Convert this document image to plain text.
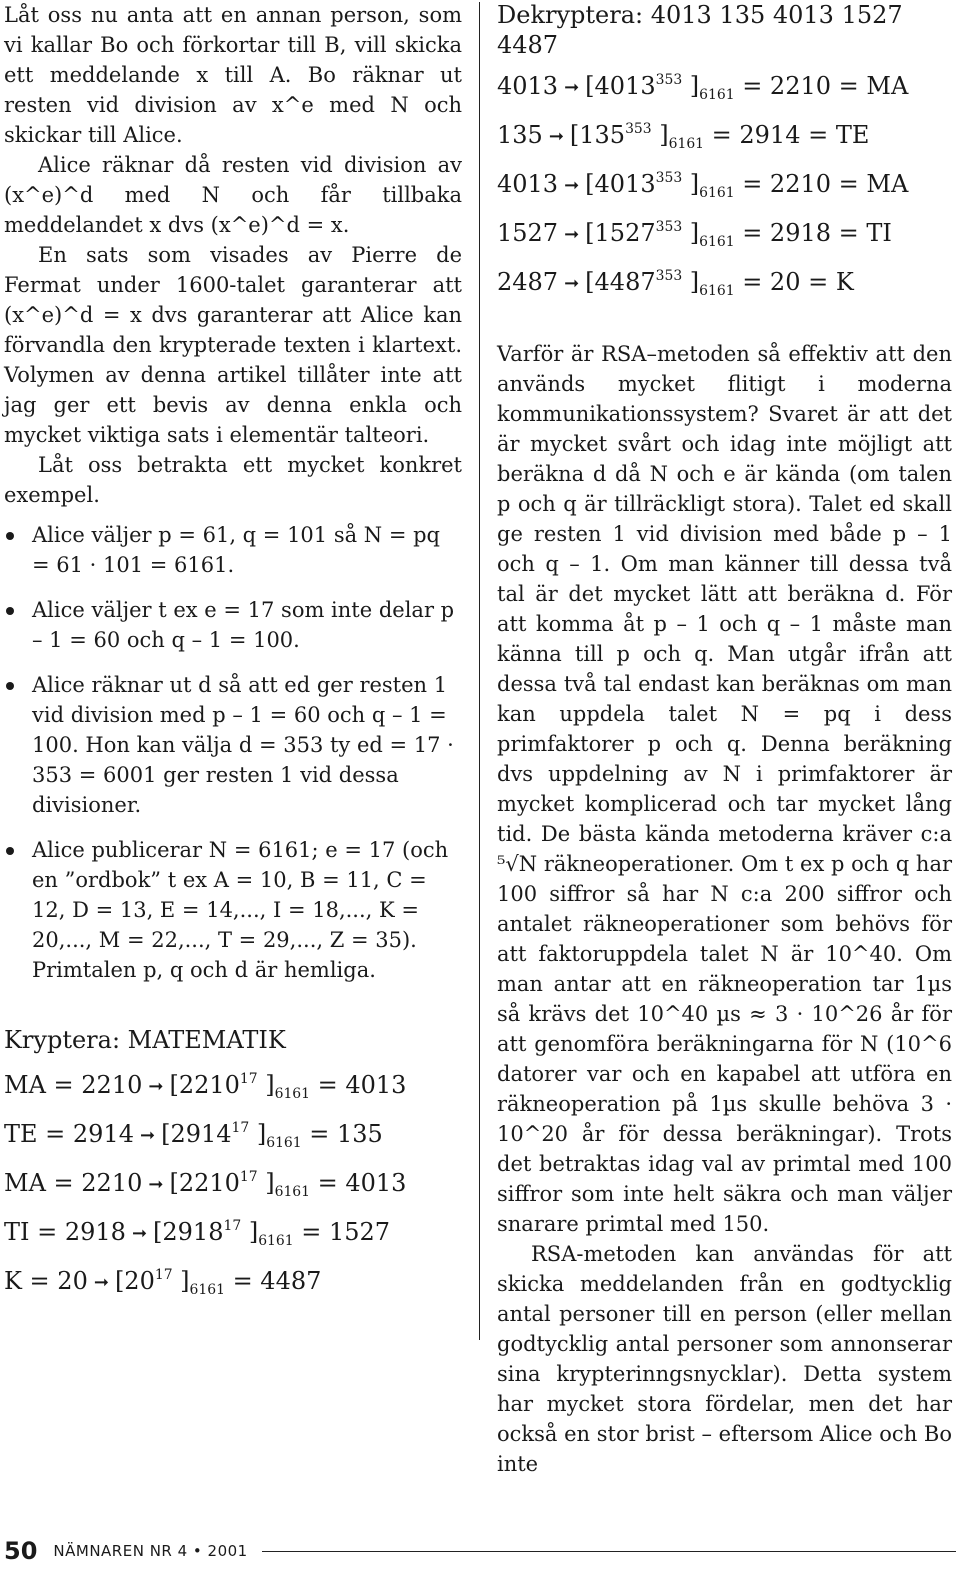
Låt oss nu anta att en annan person, som vi kallar Bo och förkortar till B, vill skicka ett meddelande x till A. Bo räknar ut resten vid division av x^e med N och skickar till Alice.

Alice räknar då resten vid division av (x^e)^d med N och får tillbaka meddelandet x dvs (x^e)^d = x.

En sats som visades av Pierre de Fermat under 1600-talet garanterar att (x^e)^d = x dvs garanterar att Alice kan förvandla den krypterade texten i klartext. Volymen av denna artikel tillåter inte att jag ger ett bevis av denna enkla och mycket viktiga sats i elementär talteori.

Låt oss betrakta ett mycket konkret exempel.

Alice väljer p = 61, q = 101 så N = pq = 61 · 101 = 6161.

Alice väljer t ex e = 17 som inte delar p – 1 = 60 och q – 1 = 100.

Alice räknar ut d så att ed ger resten 1 vid division med p – 1 = 60 och q – 1 = 100. Hon kan välja d = 353 ty ed = 17 · 353 = 6001 ger resten 1 vid dessa divisioner.

Alice publicerar N = 6161; e = 17 (och en ”ordbok” t ex A = 10, B = 11, C = 12, D = 13, E = 14,..., I = 18,..., K = 20,..., M = 22,..., T = 29,..., Z = 35). Primtalen p, q och d är hemliga.

Kryptera: MATEMATIK

MA = 2210 ➞ [2210$^{17}$ ]$_{6161} = 4013$
TE = 2914 ➞ [2914$^{17}$ ]$_{6161} = 135$
MA = 2210 ➞ [2210$^{17}$ ]$_{6161} = 4013$
TI = 2918 ➞ [2918$^{17}$ ]$_{6161} = 1527$
K = 20 ➞ [$20^{17}$ ]$_{6161} = 4487$

Dekryptera: 4013 135 4013 1527 4487

4013 ➞ [4013$^{353}$ ]$_{6161} = 2210$ = MA
135 ➞ [$135^{353}$ ]$_{6161} = 2914$ = TE
4013 ➞ [4013$^{353}$ ]$_{6161} = 2210$ = MA
1527 ➞ [1527$^{353}$ ]$_{6161} = 2918$ = TI
2487 ➞ [4487$^{353}$ ]$_{6161} = 20 = K$

Varför är RSA–metoden så effektiv att den används mycket flitigt i moderna kommunikationssystem? Svaret är att det är mycket svårt och idag inte möjligt att beräkna d då N och e är kända (om talen p och q är tillräckligt stora). Talet ed skall ge resten 1 vid division med både p – 1 och q – 1. Om man känner till dessa två tal är det mycket lätt att beräkna d. För att komma åt p – 1 och q – 1 måste man känna till p och q. Man utgår ifrån att dessa två tal endast kan beräknas om man kan uppdela talet N = pq i dess primfaktorer p och q. Denna beräkning dvs uppdelning av N i primfaktorer är mycket komplicerad och tar mycket lång tid. De bästa kända metoderna kräver c:a ⁵√N räkneoperationer. Om t ex p och q har 100 siffror så har N c:a 200 siffror och antalet räkneoperationer som behövs för att faktoruppdela talet N är 10^40. Om man antar att en räkneoperation tar 1µs så krävs det 10^40 µs ≈ 3 · 10^26 år för att genomföra beräkningarna för N (10^6 datorer var och en kapabel att utföra en räkneoperation på 1µs skulle behöva 3 · 10^20 år för dessa beräkningar). Trots det betraktas idag val av primtal med 100 siffror som inte helt säkra och man väljer snarare primtal med 150.

RSA-metoden kan användas för att skicka meddelanden från en godtycklig antal personer till en person (eller mellan godtycklig antal personer som annonserar sina krypterinngsnycklar). Detta system har mycket stora fördelar, men det har också en stor brist – eftersom Alice och Bo inte

50 NÄMNAREN NR 4 • 2001
